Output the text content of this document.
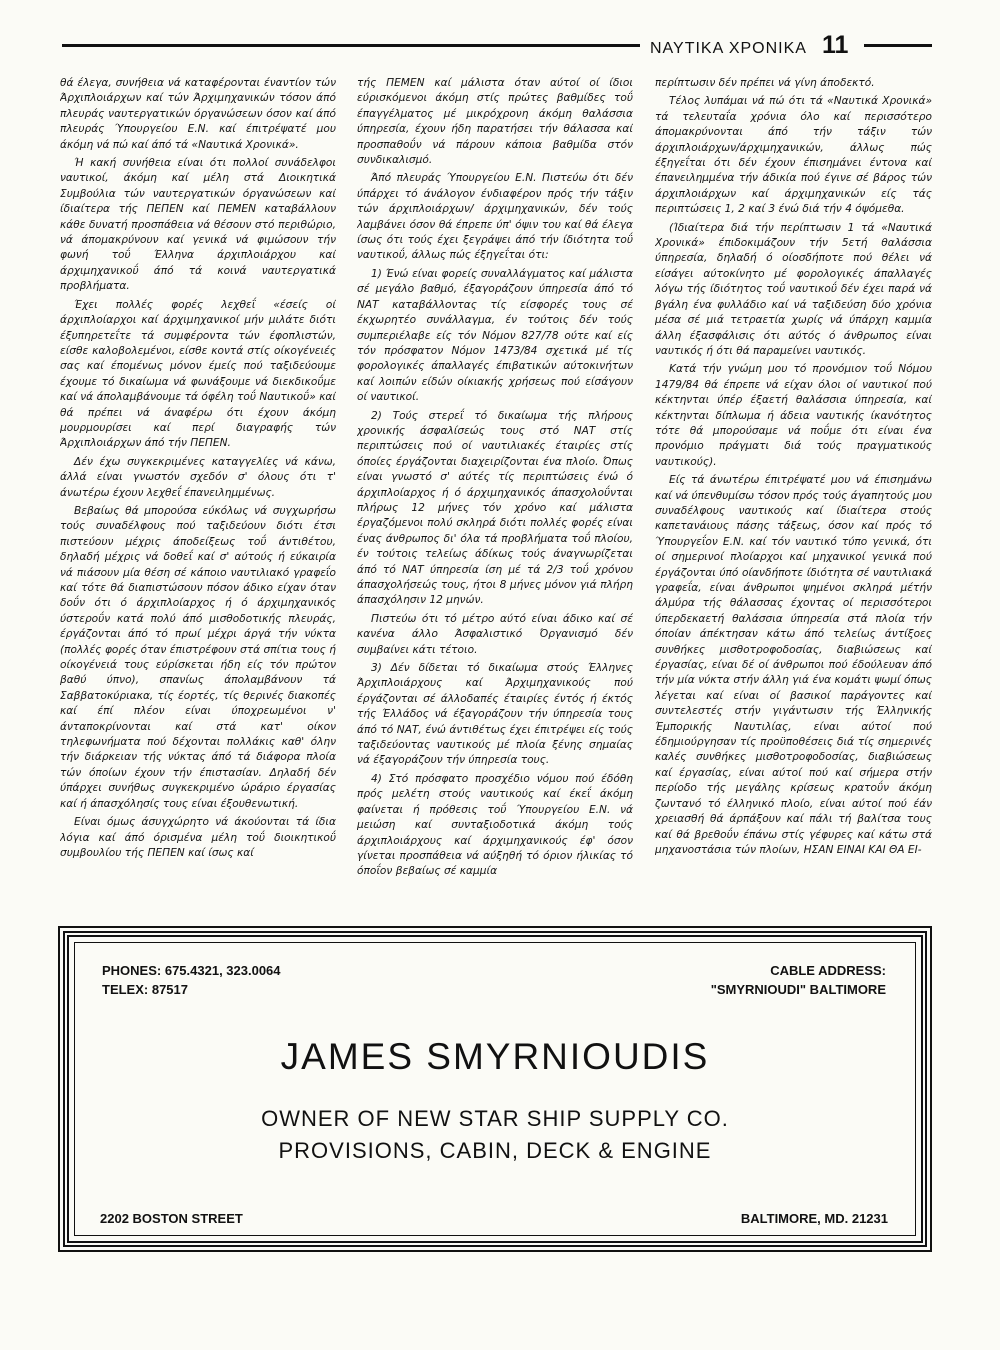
ΝΑΥΤΙΚΑ ΧΡΟΝΙΚΑ 11

θά έλεγα, συνήθεια νά καταφέρονται έναντίον τών Άρχιπλοιάρχων καί τών Άρχιμηχανικών τόσον άπό πλευράς ναυτεργατικών όργανώσεων όσον καί άπό πλευράς Ύπουργείου Ε.Ν. καί έπιτρέψατέ μου άκόμη νά πώ καί άπό τά «Ναυτικά Χρονικά».

Ή κακή συνήθεια είναι ότι πολλοί συνάδελφοι ναυτικοί, άκόμη καί μέλη στά Διοικητικά Συμβούλια τών ναυτεργατικών όργανώσεων καί ίδιαίτερα τής ΠΕΠΕΝ καί ΠΕΜΕΝ καταβάλλουν κάθε δυνατή προσπάθεια νά θέσουν στό περιθώριο, νά άπομακρύνουν καί γενικά νά φιμώσουν τήν φωνή τοΰ Έλληνα άρχιπλοιάρχου καί άρχιμηχανικοΰ άπό τά κοινά ναυτεργατικά προβλήματα.

Έχει πολλές φορές λεχθεΐ «έσείς οί άρχιπλοίαρχοι καί άρχιμηχανικοί μήν μιλάτε διότι έξυπηρετεΐτε τά συμφέροντα τών έφοπλιστών, είσθε καλοβολεμένοι, είσθε κοντά στίς οίκογένειές σας καί έπομένως μόνον έμείς πού ταξιδεύουμε έχουμε τό δικαίωμα νά φωνάξουμε νά διεκδικοΰμε καί νά άπολαμβάνουμε τά όφέλη τοΰ Ναυτικοΰ» καί θά πρέπει νά άναφέρω ότι έχουν άκόμη μουρμουρίσει καί περί διαγραφής τών Άρχιπλοιάρχων άπό τήν ΠΕΠΕΝ.

Δέν έχω συγκεκριμένες καταγγελίες νά κάνω, άλλά είναι γνωστόν σχεδόν σ' όλους ότι τ' άνωτέρω έχουν λεχθεΐ έπανειλημμένως.

Βεβαίως θά μπορούσα εύκόλως νά συγχωρήσω τούς συναδέλφους πού ταξιδεύουν διότι έτσι πιστεύουν μέχρις άποδείξεως τοΰ άντιθέτου, δηλαδή μέχρις νά δοθεΐ καί σ' αύτούς ή εύκαιρία νά πιάσουν μία θέση σέ κάποιο ναυτιλιακό γραφεΐο καί τότε θά διαπιστώσουν πόσον άδικο είχαν όταν δοΰν ότι ό άρχιπλοίαρχος ή ό άρχιμηχανικός ύστεροΰν κατά πολύ άπό μισθοδοτικής πλευράς, έργάζονται άπό τό πρωί μέχρι άργά τήν νύκτα (πολλές φορές όταν έπιστρέφουν στά σπίτια τους ή οίκογένειά τους εύρίσκεται ήδη είς τόν πρώτον βαθύ ύπνο), σπανίως άπολαμβάνουν τά Σαββατοκύριακα, τίς έορτές, τίς θερινές διακοπές καί έπί πλέον είναι ύποχρεωμένοι ν' άνταποκρίνονται καί στά κατ' οίκον τηλεφωνήματα πού δέχονται πολλάκις καθ' όλην τήν διάρκειαν τής νύκτας άπό τά διάφορα πλοία τών όποίων έχουν τήν έπιστασίαν. Δηλαδή δέν ύπάρχει συνήθως συγκεκριμένο ώράριο έργασίας καί ή άπασχόλησίς τους είναι έξουθενωτική.

Είναι όμως άσυγχώρητο νά άκούονται τά ίδια λόγια καί άπό όρισμένα μέλη τοΰ διοικητικοΰ συμβουλίου τής ΠΕΠΕΝ καί ίσως καί

τής ΠΕΜΕΝ καί μάλιστα όταν αύτοί οί ίδιοι εύρισκόμενοι άκόμη στίς πρώτες βαθμίδες τοΰ έπαγγέλματος μέ μικρόχρονη άκόμη θαλάσσια ύπηρεσία, έχουν ήδη παρατήσει τήν θάλασσα καί προσπαθοΰν νά πάρουν κάποια βαθμίδα στόν συνδικαλισμό.

Άπό πλευράς Ύπουργείου Ε.Ν. Πιστεύω ότι δέν ύπάρχει τό άνάλογον ένδιαφέρον πρός τήν τάξιν τών άρχιπλοιάρχων/ άρχιμηχανικών, δέν τούς λαμβάνει όσον θά έπρεπε ύπ' όψιν του καί θά έλεγα ίσως ότι τούς έχει ξεγράψει άπό τήν ίδιότητα τοΰ ναυτικοΰ, άλλως πώς έξηγεΐται ότι:

1) Ένώ είναι φορείς συναλλάγματος καί μάλιστα σέ μεγάλο βαθμό, έξαγοράζουν ύπηρεσία άπό τό ΝΑΤ καταβάλλοντας τίς είσφορές τους σέ έκχωρητέο συνάλλαγμα, έν τούτοις δέν τούς συμπεριέλαβε είς τόν Νόμον 827/78 ούτε καί είς τόν πρόσφατον Νόμον 1473/84 σχετικά μέ τίς φορολογικές άπαλλαγές έπιβατικών αύτοκινήτων καί λοιπών είδών οίκιακής χρήσεως πού είσάγουν οί ναυτικοί.

2) Τούς στερεΐ τό δικαίωμα τής πλήρους χρονικής άσφαλίσεώς τους στό ΝΑΤ στίς περιπτώσεις πού οί ναυτιλιακές έταιρίες στίς όποίες έργάζονται διαχειρίζονται ένα πλοίο. Όπως είναι γνωστό σ' αύτές τίς περιπτώσεις ένώ ό άρχιπλοίαρχος ή ό άρχιμηχανικός άπασχολοΰνται πλήρως 12 μήνες τόν χρόνο καί μάλιστα έργαζόμενοι πολύ σκληρά διότι πολλές φορές είναι ένας άνθρωπος δι' όλα τά προβλήματα τοΰ πλοίου, έν τούτοις τελείως άδίκως τούς άναγνωρίζεται άπό τό ΝΑΤ ύπηρεσία ίση μέ τά 2/3 τοΰ χρόνου άπασχολήσεώς τους, ήτοι 8 μήνες μόνον γιά πλήρη άπασχόλησιν 12 μηνών.

Πιστεύω ότι τό μέτρο αύτό είναι άδικο καί σέ κανένα άλλο Άσφαλιστικό Όργανισμό δέν συμβαίνει κάτι τέτοιο.

3) Δέν δίδεται τό δικαίωμα στούς Έλληνες Άρχιπλοιάρχους καί Άρχιμηχανικούς πού έργάζονται σέ άλλοδαπές έταιρίες έντός ή έκτός τής Έλλάδος νά έξαγοράζουν τήν ύπηρεσία τους άπό τό ΝΑΤ, ένώ άντιθέτως έχει έπιτρέψει είς τούς ταξιδεύοντας ναυτικούς μέ πλοία ξένης σημαίας νά έξαγοράζουν τήν ύπηρεσία τους.

4) Στό πρόσφατο προσχέδιο νόμου πού έδόθη πρός μελέτη στούς ναυτικούς καί έκεΐ άκόμη φαίνεται ή πρόθεσις τοΰ Ύπουργείου Ε.Ν. νά μειώση καί συνταξιοδοτικά άκόμη τούς άρχιπλοιάρχους καί άρχιμηχανικούς έφ' όσον γίνεται προσπάθεια νά αύξηθή τό όριον ήλικίας τό όποΐον βεβαίως σέ καμμία

περίπτωσιν δέν πρέπει νά γίνη άποδεκτό.

Τέλος λυπάμαι νά πώ ότι τά «Ναυτικά Χρονικά» τά τελευταΐα χρόνια όλο καί περισσότερο άπομακρύνονται άπό τήν τάξιν τών άρχιπλοιάρχων/άρχιμηχανικών, άλλως πώς έξηγεΐται ότι δέν έχουν έπισημάνει έντονα καί έπανειλημμένα τήν άδικία πού έγινε σέ βάρος τών άρχιπλοιάρχων καί άρχιμηχανικών είς τάς περιπτώσεις 1, 2 καί 3 ένώ διά τήν 4 όψόμεθα.

(Ίδιαίτερα διά τήν περίπτωσιν 1 τά «Ναυτικά Χρονικά» έπιδοκιμάζουν τήν 5ετή θαλάσσια ύπηρεσία, δηλαδή ό οίοσδήποτε πού θέλει νά είσάγει αύτοκίνητο μέ φορολογικές άπαλλαγές λόγω τής ίδιότητος τοΰ ναυτικοΰ δέν έχει παρά νά βγάλη ένα φυλλάδιο καί νά ταξιδεύση δύο χρόνια μέσα σέ μιά τετραετία χωρίς νά ύπάρχη καμμία άλλη έξασφάλισις ότι αύτός ό άνθρωπος είναι ναυτικός ή ότι θά παραμείνει ναυτικός.

Κατά τήν γνώμη μου τό προνόμιον τοΰ Νόμου 1479/84 θά έπρεπε νά είχαν όλοι οί ναυτικοί πού κέκτηνται ύπέρ έξαετή θαλάσσια ύπηρεσία, καί κέκτηνται δίπλωμα ή άδεια ναυτικής ίκανότητος τότε θά μπορούσαμε νά ποΰμε ότι είναι ένα προνόμιο πράγματι διά τούς πραγματικούς ναυτικούς).

Είς τά άνωτέρω έπιτρέψατέ μου νά έπισημάνω καί νά ύπενθυμίσω τόσον πρός τούς άγαπητούς μου συναδέλφους ναυτικούς καί ίδιαίτερα στούς καπετανάιους πάσης τάξεως, όσον καί πρός τό Ύπουργεΐον Ε.Ν. καί τόν ναυτικό τύπο γενικά, ότι οί σημερινοί πλοίαρχοι καί μηχανικοί γενικά πού έργάζονται ύπό οίανδήποτε ίδιότητα σέ ναυτιλιακά γραφεΐα, είναι άνθρωποι ψημένοι σκληρά μέτήν άλμύρα τής θάλασσας έχοντας οί περισσότεροι ύπερδεκαετή θαλάσσια ύπηρεσία στά πλοία τήν όποίαν άπέκτησαν κάτω άπό τελείως άντίξοες συνθήκες μισθοτροφοδοσίας, διαβιώσεως καί έργασίας, είναι δέ οί άνθρωποι πού έδούλευαν άπό τήν μία νύκτα στήν άλλη γιά ένα κομάτι ψωμί όπως λέγεται καί είναι οί βασικοί παράγοντες καί συντελεστές στήν γιγάντωσιν τής Έλληνικής Έμπορικής Ναυτιλίας, είναι αύτοί πού έδημιούργησαν τίς προϋποθέσεις διά τίς σημερινές καλές συνθήκες μισθοτροφοδοσίας, διαβιώσεως καί έργασίας, είναι αύτοί πού καί σήμερα στήν περίοδο τής μεγάλης κρίσεως κρατοΰν άκόμη ζωντανό τό έλληνικό πλοίο, είναι αύτοί πού έάν χρειασθή θά άρπάξουν καί πάλι τή βαλίτσα τους καί θά βρεθοΰν έπάνω στίς γέφυρες καί κάτω στά μηχανοστάσια τών πλοίων, ΗΣΑΝ ΕΙΝΑΙ ΚΑΙ ΘΑ ΕΙ-

PHONES: 675.4321, 323.0064
TELEX: 87517
CABLE ADDRESS:
"SMYRNIOUDI" BALTIMORE
JAMES SMYRNIOUDIS
OWNER OF NEW STAR SHIP SUPPLY CO.
PROVISIONS, CABIN, DECK & ENGINE
2202 BOSTON STREET	BALTIMORE, MD. 21231
